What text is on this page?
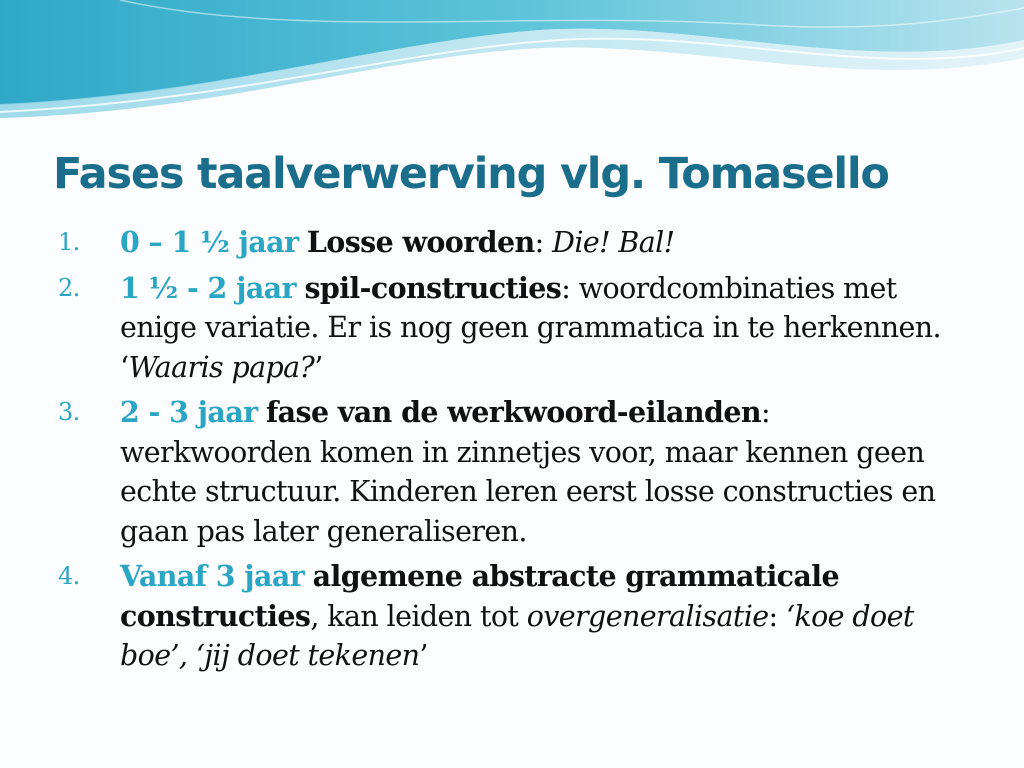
Fases taalverwerving vlg. Tomasello
1.	0 – 1 ½ jaar Losse woorden: Die! Bal!
2.	1 ½ - 2 jaar spil-constructies: woordcombinaties met enige variatie. Er is nog geen grammatica in te herkennen. ‘Waaris papa?’
3.	2 - 3 jaar fase van de werkwoord-eilanden: werkwoorden komen in zinnetjes voor, maar kennen geen echte structuur. Kinderen leren eerst losse constructies en gaan pas later generaliseren.
4.	Vanaf 3 jaar algemene abstracte grammaticale constructies, kan leiden tot overgeneralisatie: ‘koe doet boe’, ‘jij doet tekenen’
